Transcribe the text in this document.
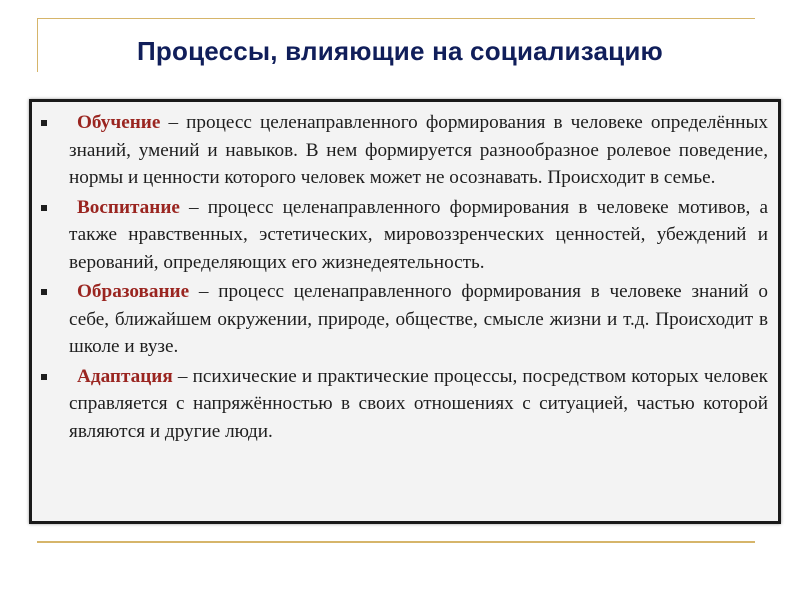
Процессы, влияющие на социализацию
Обучение – процесс целенаправленного формирования в человеке определённых знаний, умений и навыков. В нем формируется разнообразное ролевое поведение, нормы и ценности которого человек может не осознавать. Происходит в семье.
Воспитание – процесс целенаправленного формирования в человеке мотивов, а также нравственных, эстетических, мировоззренческих ценностей, убеждений и верований, определяющих его жизнедеятельность.
Образование – процесс целенаправленного формирования в человеке знаний о себе, ближайшем окружении, природе, обществе, смысле жизни и т.д. Происходит в школе и вузе.
Адаптация – психические и практические процессы, посредством которых человек справляется с напряжённостью в своих отношениях с ситуацией, частью которой являются и другие люди.
